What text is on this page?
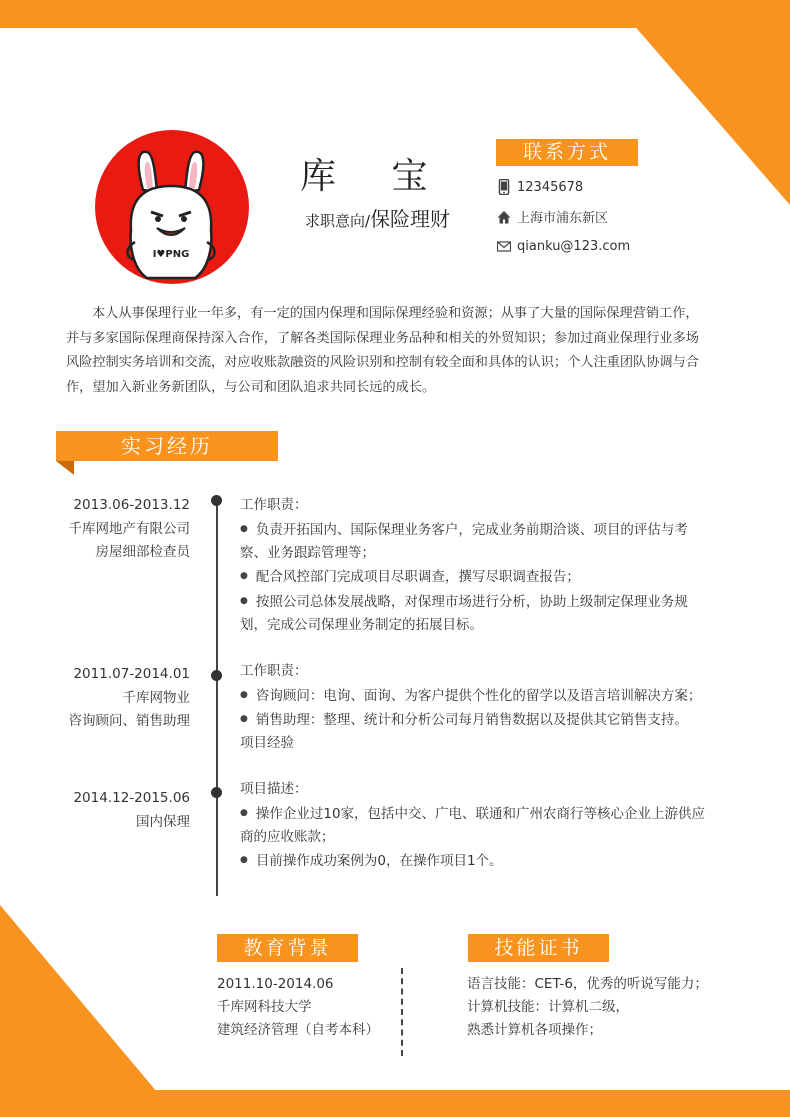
I♥PNG
库 宝
求职意向/保险理财
联系方式
12345678
上海市浦东新区
qianku@123.com
本人从事保理行业一年多，有一定的国内保理和国际保理经验和资源；从事了大量的国际保理营销工作，并与多家国际保理商保持深入合作，了解各类国际保理业务品种和相关的外贸知识；参加过商业保理行业多场风险控制实务培训和交流，对应收账款融资的风险识别和控制有较全面和具体的认识；个人注重团队协调与合作，望加入新业务新团队，与公司和团队追求共同长远的成长。
实习经历
2013.06-2013.12
千库网地产有限公司
房屋细部检查员
工作职责：
● 负责开拓国内、国际保理业务客户，完成业务前期洽谈、项目的评估与考察、业务跟踪管理等；
● 配合风控部门完成项目尽职调查，撰写尽职调查报告；
● 按照公司总体发展战略，对保理市场进行分析，协助上级制定保理业务规划，完成公司保理业务制定的拓展目标。
2011.07-2014.01
千库网物业
咨询顾问、销售助理
工作职责：
● 咨询顾问：电询、面询、为客户提供个性化的留学以及语言培训解决方案；
● 销售助理：整理、统计和分析公司每月销售数据以及提供其它销售支持。
项目经验
2014.12-2015.06
国内保理
项目描述：
● 操作企业过10家，包括中交、广电、联通和广州农商行等核心企业上游供应商的应收账款；
● 目前操作成功案例为0，在操作项目1个。
教育背景
2011.10-2014.06
千库网科技大学
建筑经济管理（自考本科）
技能证书
语言技能：CET-6，优秀的听说写能力；
计算机技能：计算机二级，
熟悉计算机各项操作；
